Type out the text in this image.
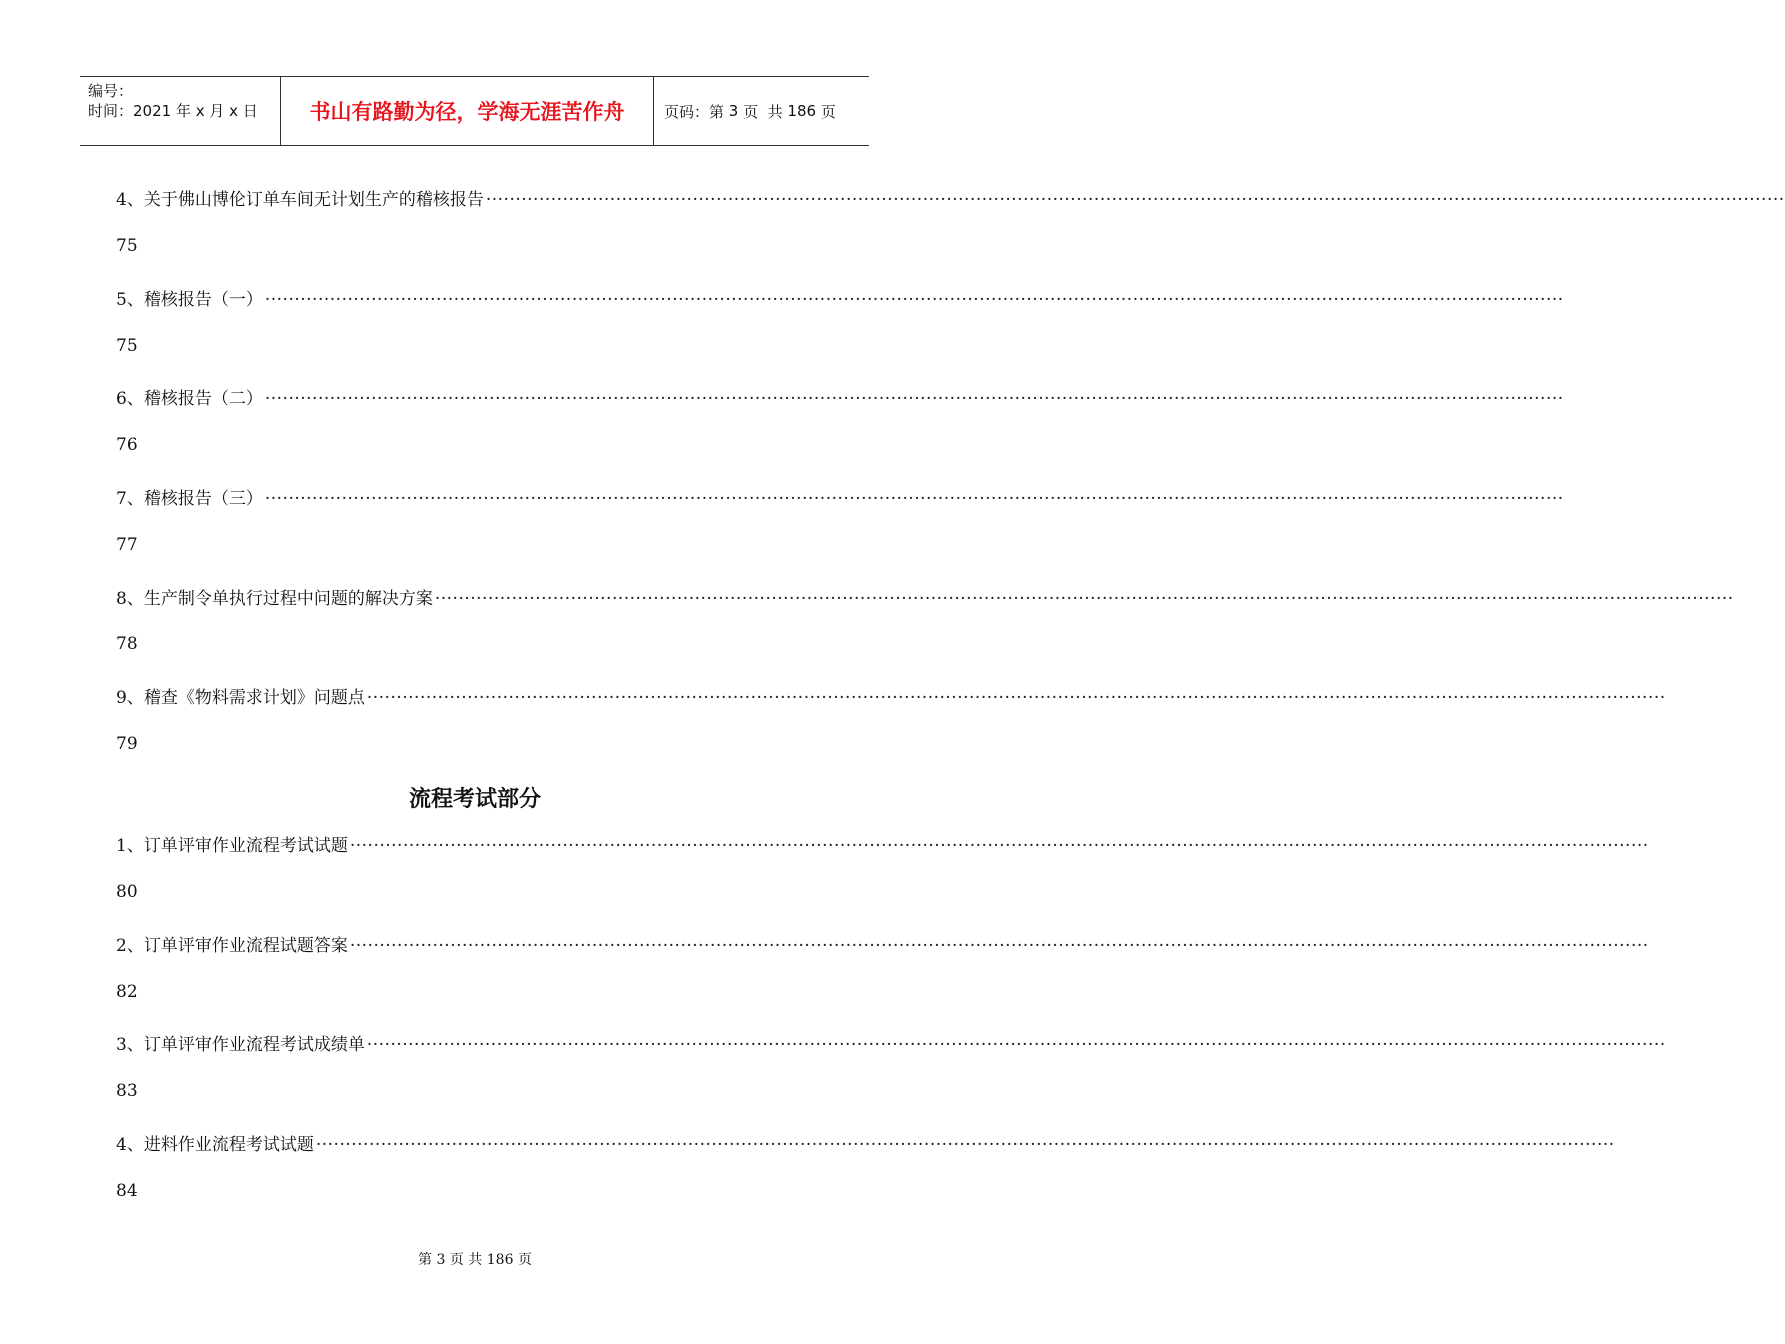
编号：
时间：2021 年 x 月 x 日	书山有路勤为径，学海无涯苦作舟	页码：第 3 页  共 186 页
4、关于佛山博伦订单车间无计划生产的稽核报告 ····························································································································································································································
75
5、稽核报告（一） ····························································································································································································································
75
6、稽核报告（二） ····························································································································································································································
76
7、稽核报告（三） ····························································································································································································································
77
8、生产制令单执行过程中问题的解决方案 ····························································································································································································································
78
9、稽查《物料需求计划》问题点 ····························································································································································································································
79
流程考试部分
1、订单评审作业流程考试试题 ····························································································································································································································
80
2、订单评审作业流程试题答案 ····························································································································································································································
82
3、订单评审作业流程考试成绩单 ····························································································································································································································
83
4、进料作业流程考试试题 ····························································································································································································································
84
第 3 页 共 186 页
